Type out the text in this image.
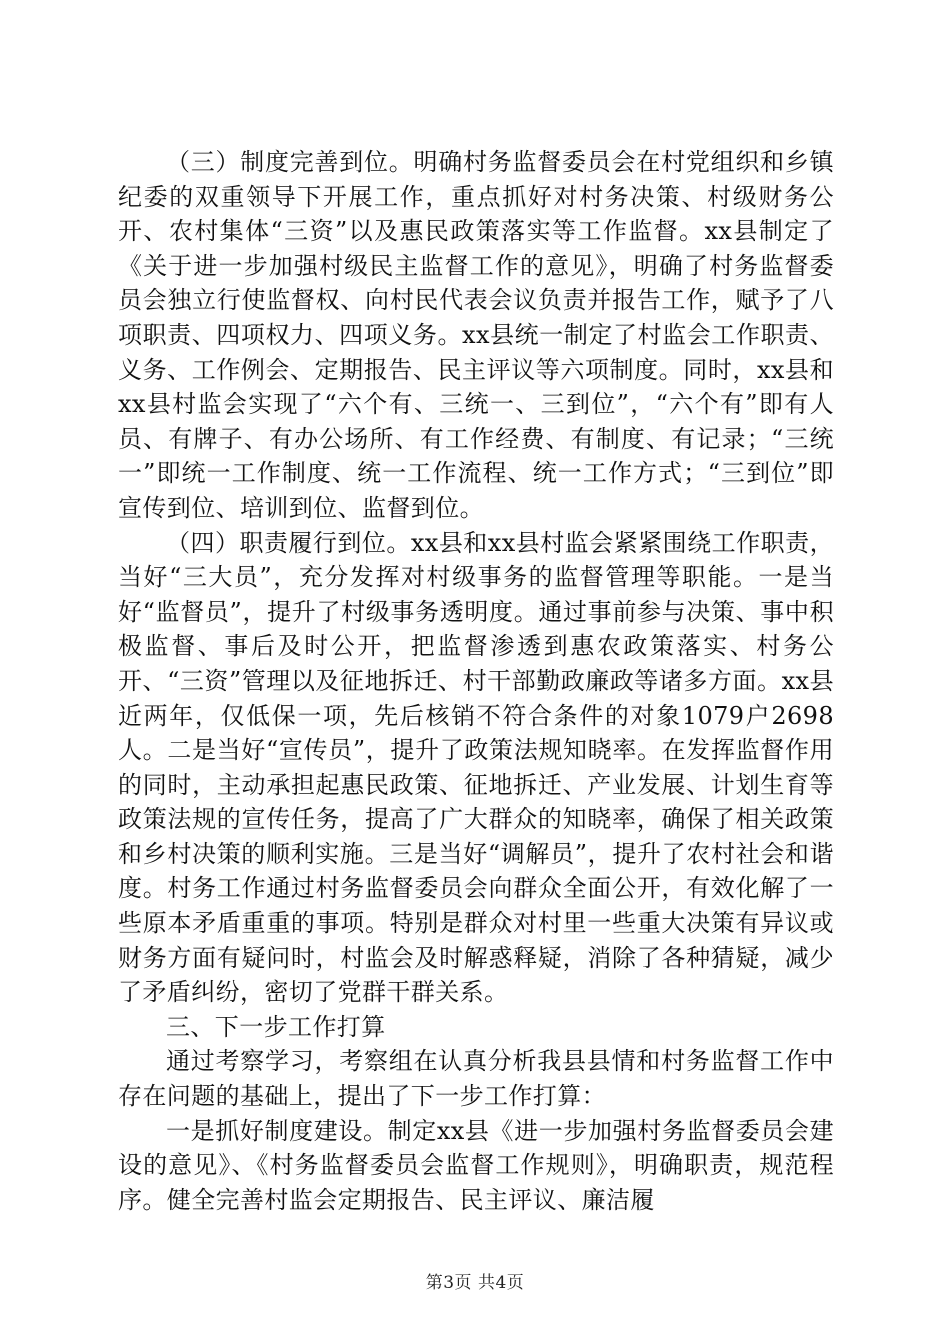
（三）制度完善到位。明确村务监督委员会在村党组织和乡镇纪委的双重领导下开展工作，重点抓好对村务决策、村级财务公开、农村集体“三资”以及惠民政策落实等工作监督。xx县制定了《关于进一步加强村级民主监督工作的意见》，明确了村务监督委员会独立行使监督权、向村民代表会议负责并报告工作，赋予了八项职责、四项权力、四项义务。xx县统一制定了村监会工作职责、义务、工作例会、定期报告、民主评议等六项制度。同时，xx县和xx县村监会实现了“六个有、三统一、三到位”，“六个有”即有人员、有牌子、有办公场所、有工作经费、有制度、有记录；“三统一”即统一工作制度、统一工作流程、统一工作方式；“三到位”即宣传到位、培训到位、监督到位。

（四）职责履行到位。xx县和xx县村监会紧紧围绕工作职责，当好“三大员”，充分发挥对村级事务的监督管理等职能。一是当好“监督员”，提升了村级事务透明度。通过事前参与决策、事中积极监督、事后及时公开，把监督渗透到惠农政策落实、村务公开、“三资”管理以及征地拆迁、村干部勤政廉政等诸多方面。xx县近两年，仅低保一项，先后核销不符合条件的对象1079户2698人。二是当好“宣传员”，提升了政策法规知晓率。在发挥监督作用的同时，主动承担起惠民政策、征地拆迁、产业发展、计划生育等政策法规的宣传任务，提高了广大群众的知晓率，确保了相关政策和乡村决策的顺利实施。三是当好“调解员”，提升了农村社会和谐度。村务工作通过村务监督委员会向群众全面公开，有效化解了一些原本矛盾重重的事项。特别是群众对村里一些重大决策有异议或财务方面有疑问时，村监会及时解惑释疑，消除了各种猜疑，减少了矛盾纠纷，密切了党群干群关系。

三、下一步工作打算

通过考察学习，考察组在认真分析我县县情和村务监督工作中存在问题的基础上，提出了下一步工作打算：

一是抓好制度建设。制定xx县《进一步加强村务监督委员会建设的意见》、《村务监督委员会监督工作规则》，明确职责，规范程序。健全完善村监会定期报告、民主评议、廉洁履

第3页 共4页
